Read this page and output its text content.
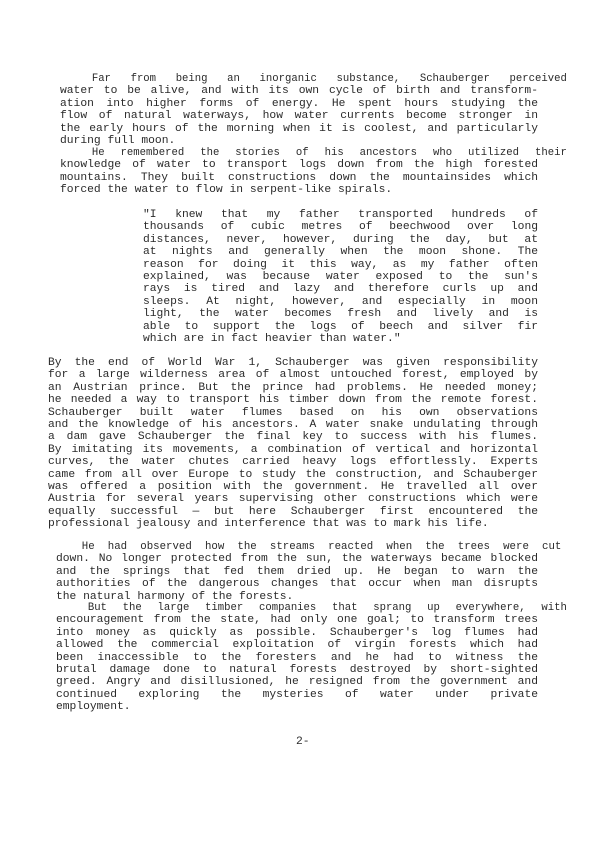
Far from being an inorganic substance, Schauberger perceived
water to be alive, and with its own cycle of birth and transform-
ation into higher forms of energy. He spent hours studying the
flow of natural waterways, how water currents become stronger in
the early hours of the morning when it is coolest, and particularly
during full moon.
He remembered the stories of his ancestors who utilized their
knowledge of water to transport logs down from the high forested
mountains. They built constructions down the mountainsides which
forced the water to flow in serpent-like spirals.
"I knew that my father transported hundreds of
thousands of cubic metres of beechwood over long
distances, never, however, during the day, but at
at nights and generally when the moon shone. The
reason for doing it this way, as my father often
explained, was because water exposed to the sun's
rays is tired and lazy and therefore curls up and
sleeps. At night, however, and especially in moon
light, the water becomes fresh and lively and is
able to support the logs of beech and silver fir
which are in fact heavier than water."
By the end of World War 1, Schauberger was given responsibility
for a large wilderness area of almost untouched forest, employed by
an Austrian prince. But the prince had problems. He needed money;
he needed a way to transport his timber down from the remote forest.
Schauberger built water flumes based on his own observations
and the knowledge of his ancestors. A water snake undulating through
a dam gave Schauberger the final key to success with his flumes.
By imitating its movements, a combination of vertical and horizontal
curves, the water chutes carried heavy logs effortlessly. Experts
came from all over Europe to study the construction, and Schauberger
was offered a position with the government. He travelled all over
Austria for several years supervising other constructions which were
equally successful — but here Schauberger first encountered the
professional jealousy and interference that was to mark his life.
He had observed how the streams reacted when the trees were cut
down. No longer protected from the sun, the waterways became blocked
and the springs that fed them dried up. He began to warn the
authorities of the dangerous changes that occur when man disrupts
the natural harmony of the forests.
But the large timber companies that sprang up everywhere, with
encouragement from the state, had only one goal; to transform trees
into money as quickly as possible. Schauberger's log flumes had
allowed the commercial exploitation of virgin forests which had
been inaccessible to the foresters and he had to witness the
brutal damage done to natural forests destroyed by short-sighted
greed. Angry and disillusioned, he resigned from the government and
continued exploring the mysteries of water under private
employment.
2-
